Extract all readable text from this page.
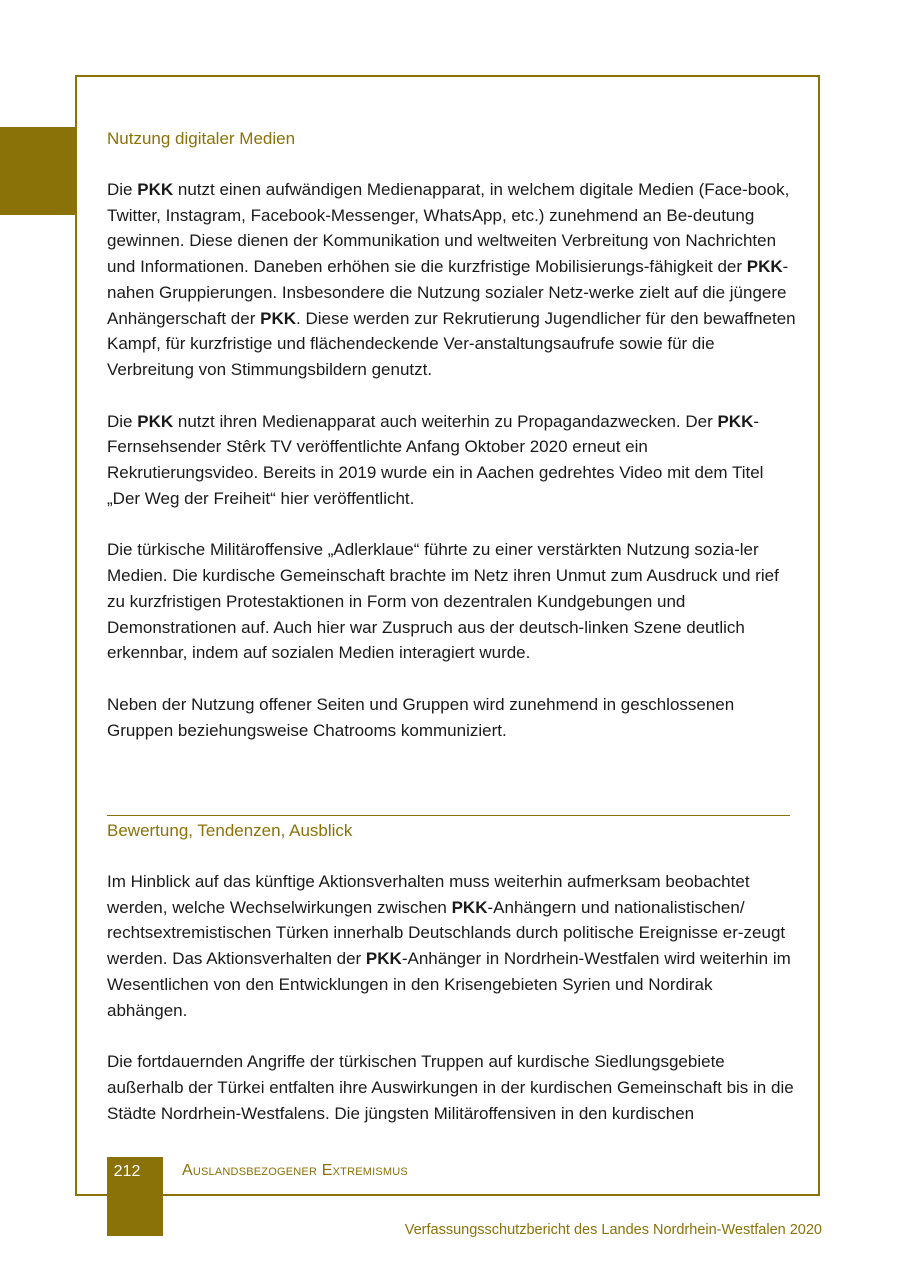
Nutzung digitaler Medien

Die PKK nutzt einen aufwändigen Medienapparat, in welchem digitale Medien (Face-book, Twitter, Instagram, Facebook-Messenger, WhatsApp, etc.) zunehmend an Be-deutung gewinnen. Diese dienen der Kommunikation und weltweiten Verbreitung von Nachrichten und Informationen. Daneben erhöhen sie die kurzfristige Mobilisierungs-fähigkeit der PKK-nahen Gruppierungen. Insbesondere die Nutzung sozialer Netz-werke zielt auf die jüngere Anhängerschaft der PKK. Diese werden zur Rekrutierung Jugendlicher für den bewaffneten Kampf, für kurzfristige und flächendeckende Ver-anstaltungsaufrufe sowie für die Verbreitung von Stimmungsbildern genutzt.

Die PKK nutzt ihren Medienapparat auch weiterhin zu Propagandazwecken. Der PKK-Fernsehsender Stêrk TV veröffentlichte Anfang Oktober 2020 erneut ein Rekrutierungsvideo. Bereits in 2019 wurde ein in Aachen gedrehtes Video mit dem Titel „Der Weg der Freiheit“ hier veröffentlicht.

Die türkische Militäroffensive „Adlerklaue“ führte zu einer verstärkten Nutzung sozia-ler Medien. Die kurdische Gemeinschaft brachte im Netz ihren Unmut zum Ausdruck und rief zu kurzfristigen Protestaktionen in Form von dezentralen Kundgebungen und Demonstrationen auf. Auch hier war Zuspruch aus der deutsch-linken Szene deutlich erkennbar, indem auf sozialen Medien interagiert wurde.

Neben der Nutzung offener Seiten und Gruppen wird zunehmend in geschlossenen Gruppen beziehungsweise Chatrooms kommuniziert.

Bewertung, Tendenzen, Ausblick

Im Hinblick auf das künftige Aktionsverhalten muss weiterhin aufmerksam beobachtet werden, welche Wechselwirkungen zwischen PKK-Anhängern und nationalistischen/ rechtsextremistischen Türken innerhalb Deutschlands durch politische Ereignisse er-zeugt werden. Das Aktionsverhalten der PKK-Anhänger in Nordrhein-Westfalen wird weiterhin im Wesentlichen von den Entwicklungen in den Krisengebieten Syrien und Nordirak abhängen.

Die fortdauernden Angriffe der türkischen Truppen auf kurdische Siedlungsgebiete außerhalb der Türkei entfalten ihre Auswirkungen in der kurdischen Gemeinschaft bis in die Städte Nordrhein-Westfalens. Die jüngsten Militäroffensiven in den kurdischen

212	Auslandsbezogener Extremismus
Verfassungsschutzbericht des Landes Nordrhein-Westfalen 2020
